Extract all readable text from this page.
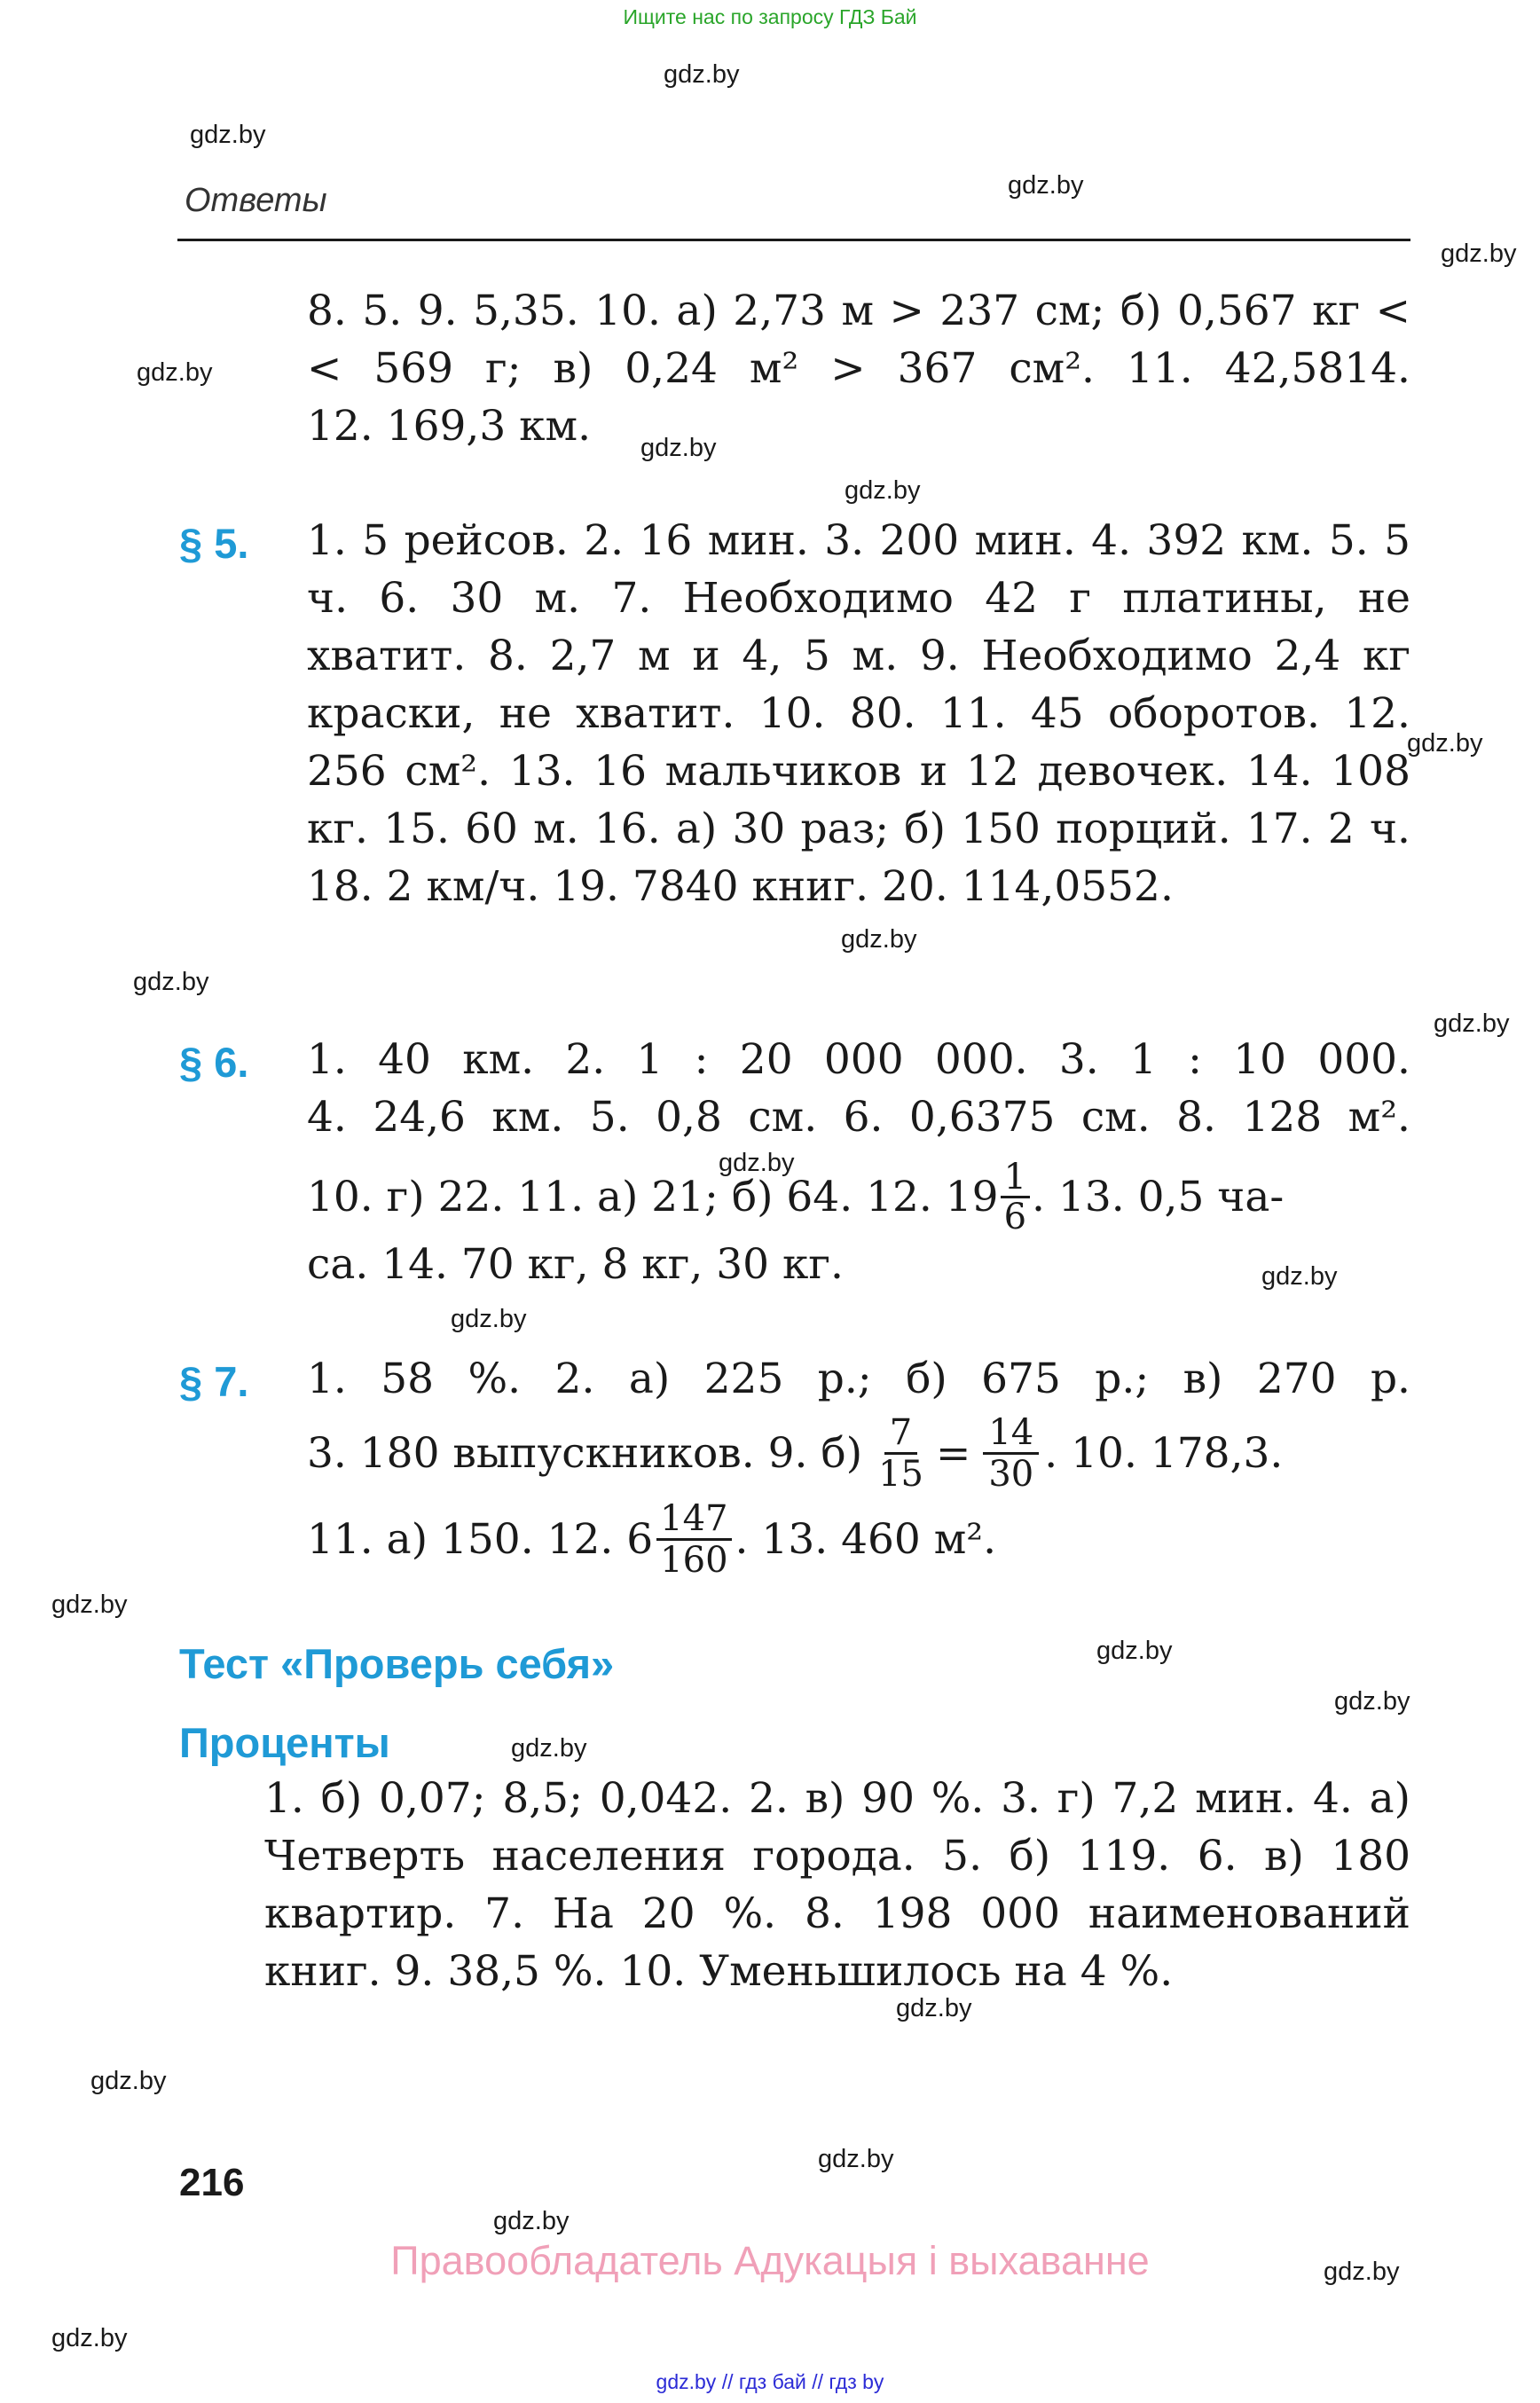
Ищите нас по запросу ГДЗ Бай
Ответы

8. 5. 9. 5,35. 10. а) 2,73 м > 237 см; б) 0,567 кг <

< 569 г; в) 0,24 м² > 367 см². 11. 42,5814.

12. 169,3 км.

§ 5. 1. 5 рейсов. 2. 16 мин. 3. 200 мин. 4. 392 км. 5. 5 ч. 6. 30 м. 7. Необходимо 42 г платины, не хватит. 8. 2,7 м и 4, 5 м. 9. Необходимо 2,4 кг краски, не хватит. 10. 80. 11. 45 оборотов. 12. 256 см². 13. 16 мальчиков и 12 девочек. 14. 108 кг. 15. 60 м. 16. а) 30 раз; б) 150 порций. 17. 2 ч. 18. 2 км/ч. 19. 7840 книг. 20. 114,0552.

§ 6. 1. 40 км. 2. 1 : 20 000 000. 3. 1 : 10 000.

4. 24,6 км. 5. 0,8 см. 6. 0,6375 см. 8. 128 м².

10. г) 22. 11. а) 21; б) 64. 12. $19 \frac{1}{6}$ . 13. 0,5 ча-

са. 14. 70 кг, 8 кг, 30 кг.

§ 7. 1. 58 %. 2. а) 225 р.; б) 675 р.; в) 270 р.

3. 180 выпускников. 9. $б) \frac{7}{15} = \frac{14}{30}$ . 10. 178,3.

11. а) 150. 12. $6 \frac{147}{160}$ . 13. 460 м².

Тест «Проверь себя»
Проценты

1. б) 0,07; 8,5; 0,042. 2. в) 90 %. 3. г) 7,2 мин. 4. а) Четверть населения города. 5. б) 119. 6. в) 180 квартир. 7. На 20 %. 8. 198 000 наименований книг. 9. 38,5 %. 10. Уменьшилось на 4 %.

216
Правообладатель Адукацыя і выхаванне
gdz.by // гдз бай // гдз by
gdz.by
gdz.by
gdz.by
gdz.by
gdz.by
gdz.by
gdz.by
gdz.by
gdz.by
gdz.by
gdz.by
gdz.by
gdz.by
gdz.by
gdz.by
gdz.by
gdz.by
gdz.by
gdz.by
gdz.by
gdz.by
gdz.by
gdz.by
gdz.by
